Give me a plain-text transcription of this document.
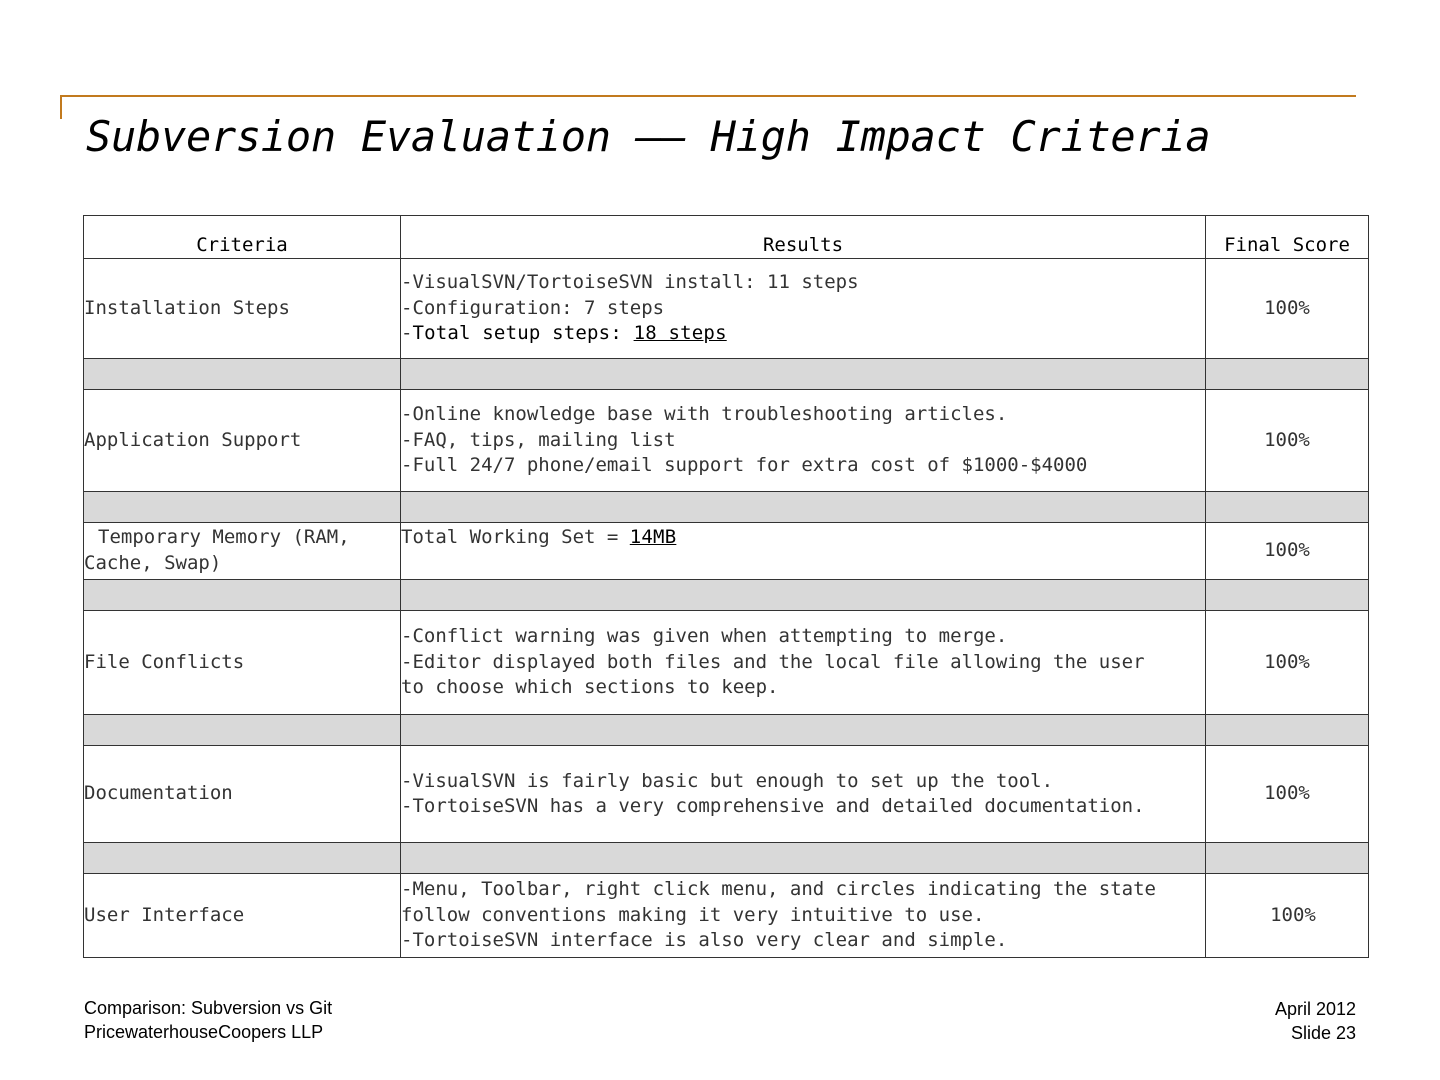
Subversion Evaluation —— High Impact Criteria
Criteria	Results	Final Score
Installation Steps	-VisualSVN/TortoiseSVN install: 11 steps
-Configuration: 7 steps
-Total setup steps: 18 steps	100%

Application Support	-Online knowledge base with troubleshooting articles.
-FAQ, tips, mailing list
-Full 24/7 phone/email support for extra cost of $1000-$4000	100%

Temporary Memory (RAM, Cache, Swap)	Total Working Set = 14MB	100%

File Conflicts	-Conflict warning was given when attempting to merge.
-Editor displayed both files and the local file allowing the user
to choose which sections to keep.	100%

Documentation	-VisualSVN is fairly basic but enough to set up the tool.
-TortoiseSVN has a very comprehensive and detailed documentation.	100%

User Interface	-Menu, Toolbar, right click menu, and circles indicating the state
follow conventions making it very intuitive to use.
-TortoiseSVN interface is also very clear and simple.	100%
Comparison: Subversion vs Git
PricewaterhouseCoopers LLP
April 2012
Slide 23
